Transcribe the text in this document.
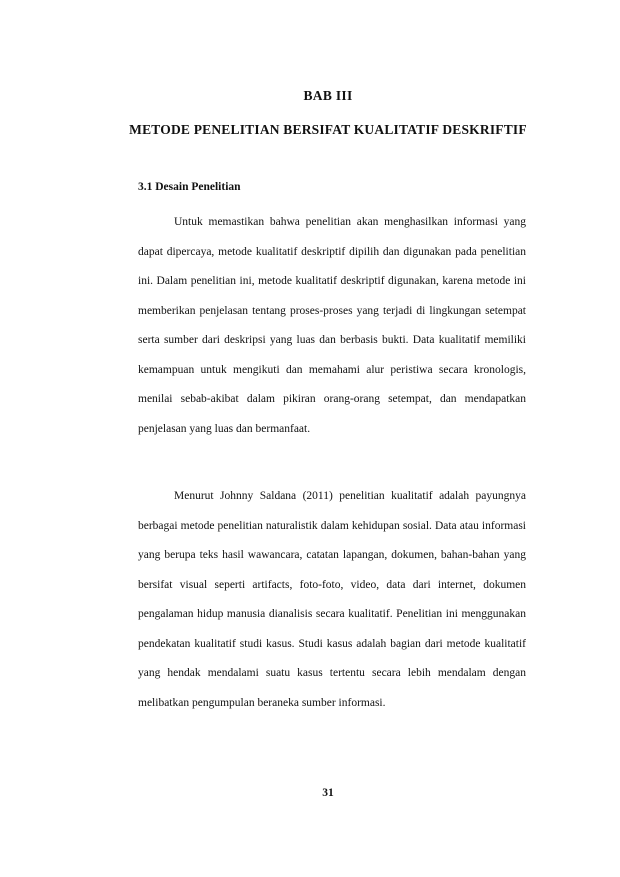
BAB III
METODE PENELITIAN BERSIFAT KUALITATIF DESKRIFTIF
3.1 Desain Penelitian

Untuk memastikan bahwa penelitian akan menghasilkan informasi yang dapat dipercaya, metode kualitatif deskriptif dipilih dan digunakan pada penelitian ini. Dalam penelitian ini, metode kualitatif deskriptif digunakan, karena metode ini memberikan penjelasan tentang proses-proses yang terjadi di lingkungan setempat serta sumber dari deskripsi yang luas dan berbasis bukti. Data kualitatif memiliki kemampuan untuk mengikuti dan memahami alur peristiwa secara kronologis, menilai sebab-akibat dalam pikiran orang-orang setempat, dan mendapatkan penjelasan yang luas dan bermanfaat.

Menurut Johnny Saldana (2011) penelitian kualitatif adalah payungnya berbagai metode penelitian naturalistik dalam kehidupan sosial. Data atau informasi yang berupa teks hasil wawancara, catatan lapangan, dokumen, bahan-bahan yang bersifat visual seperti artifacts, foto-foto, video, data dari internet, dokumen pengalaman hidup manusia dianalisis secara kualitatif. Penelitian ini menggunakan pendekatan kualitatif studi kasus. Studi kasus adalah bagian dari metode kualitatif yang hendak mendalami suatu kasus tertentu secara lebih mendalam dengan melibatkan pengumpulan beraneka sumber informasi.

31
